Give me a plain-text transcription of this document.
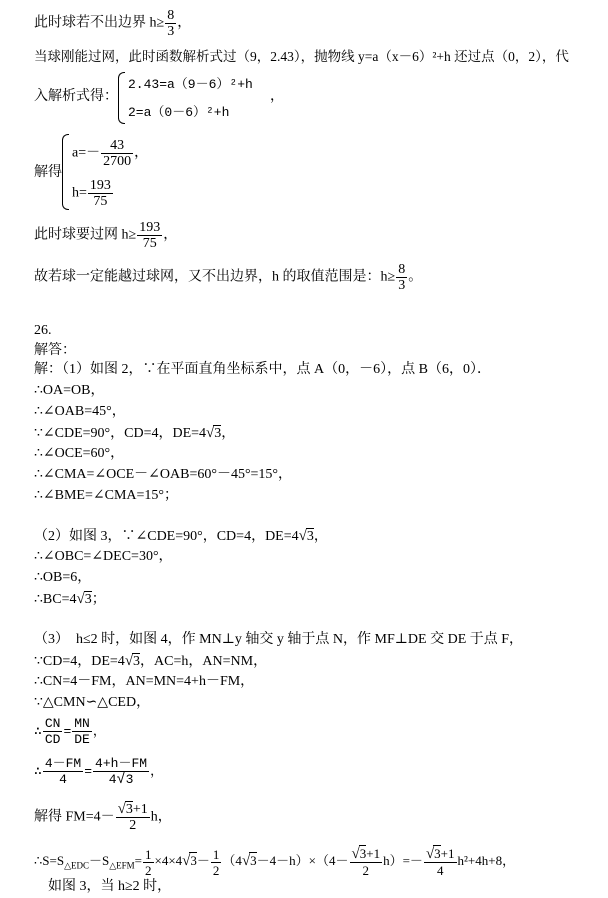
此时球若不出边界 $h\ge \frac{8}{3}$ ，
当球刚能过网，此时函数解析式过（9，2.43），抛物线 y=a（x－6）²+h 还过点（0，2），代
入解析式得：
2.43=a（9－6）²+h
2=a（0－6）²+h
，
解得
$a=- \frac{43}{2700}$ ，
$h= \frac{193}{75}$
此时球要过网 $h\ge \frac{193}{75}$ ，
故若球一定能越过球网，又不出边界，h 的取值范围是：$h\ge \frac{8}{3}$ 。
26.
解答：
解：（1）如图 2，∵在平面直角坐标系中，点 A（0，－6），点 B（6，0）．
∴OA=OB，
∴∠OAB=45°，
∵∠CDE=90°，CD=4，DE=4√3，
∴∠OCE=60°，
∴∠CMA=∠OCE－∠OAB=60°－45°=15°，
∴∠BME=∠CMA=15°；
（2）如图 3，∵∠CDE=90°，CD=4，DE=4√3，
∴∠OBC=∠DEC=30°，
∴OB=6，
∴BC=4√3；
（3）　h≤2 时，如图 4，作 MN⊥y 轴交 y 轴于点 N，作 MF⊥DE 交 DE 于点 F，
∵CD=4，DE=4√3，AC=h，AN=NM，
∴CN=4－FM，AN=MN=4+h－FM，
∵△CMN∽△CED，
∴ $\frac{CN}{CD} = \frac{MN}{DE}$ ，
∴ $\frac{4-FM}{4} = \frac{4+h-FM}{4√3}$ ，
解得 $FM=4- \frac{√3+1}{2}$ h，
$\therefore S=S_{\triangle EDC}-S_{\triangle EFM}= \frac{1}{2} \times 4\times 4√3- \frac{1}{2} (4√3-4-h)\times(4- \frac{√3+1}{2} h)=- \frac{√3+1}{4} h^2+4h+8$，
如图 3，当 h≥2 时，
